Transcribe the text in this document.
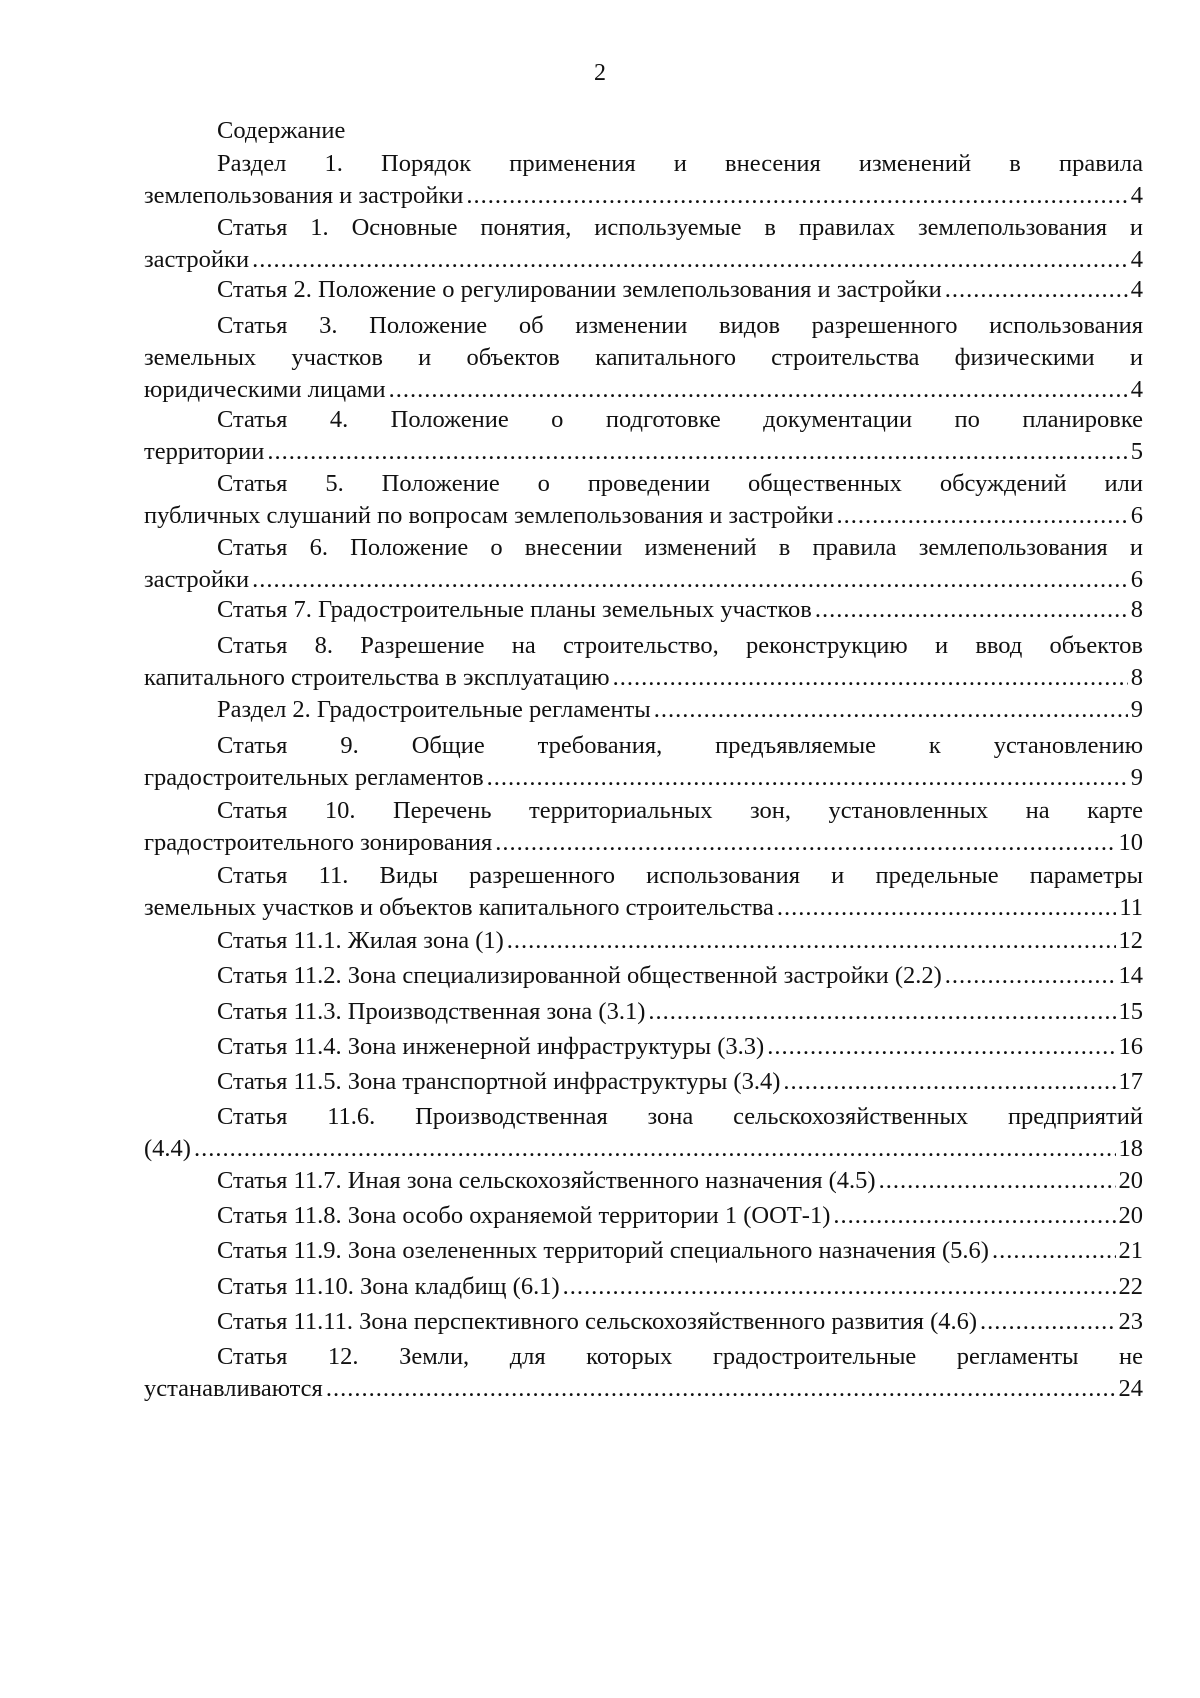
2
Содержание
Раздел 1. Порядок применения и внесения изменений в правила
землепользования и застройки .....	4
Статья 1. Основные понятия, используемые в правилах землепользования и
застройки .....	4
Статья 2. Положение о регулировании землепользования и застройки .....	4
Статья 3. Положение об изменении видов разрешенного использования
земельных участков и объектов капитального строительства физическими и
юридическими лицами .....	4
Статья 4. Положение о подготовке документации по планировке
территории .....	5
Статья 5. Положение о проведении общественных обсуждений или
публичных слушаний по вопросам землепользования и застройки .....	6
Статья 6. Положение о внесении изменений в правила землепользования и
застройки .....	6
Статья 7. Градостроительные планы земельных участков .....	8
Статья 8. Разрешение на строительство, реконструкцию и ввод объектов
капитального строительства в эксплуатацию .....	8
Раздел 2. Градостроительные регламенты .....	9
Статья 9. Общие требования, предъявляемые к установлению
градостроительных регламентов .....	9
Статья 10. Перечень территориальных зон, установленных на карте
градостроительного зонирования .....	10
Статья 11. Виды разрешенного использования и предельные параметры
земельных участков и объектов капитального строительства .....	11
Статья 11.1. Жилая зона (1) .....	12
Статья 11.2. Зона специализированной общественной застройки (2.2) .....	14
Статья 11.3. Производственная зона (3.1) .....	15
Статья 11.4. Зона инженерной инфраструктуры (3.3) .....	16
Статья 11.5. Зона транспортной инфраструктуры (3.4) .....	17
Статья 11.6. Производственная зона сельскохозяйственных предприятий
(4.4) .....	18
Статья 11.7. Иная зона сельскохозяйственного назначения (4.5) .....	20
Статья 11.8. Зона особо охраняемой территории 1 (ООТ-1) .....	20
Статья 11.9. Зона озелененных территорий специального назначения (5.6) .....	21
Статья 11.10. Зона кладбищ (6.1) .....	22
Статья 11.11. Зона перспективного сельскохозяйственного развития (4.6) .....	23
Статья 12. Земли, для которых градостроительные регламенты не
устанавливаются .....	24
